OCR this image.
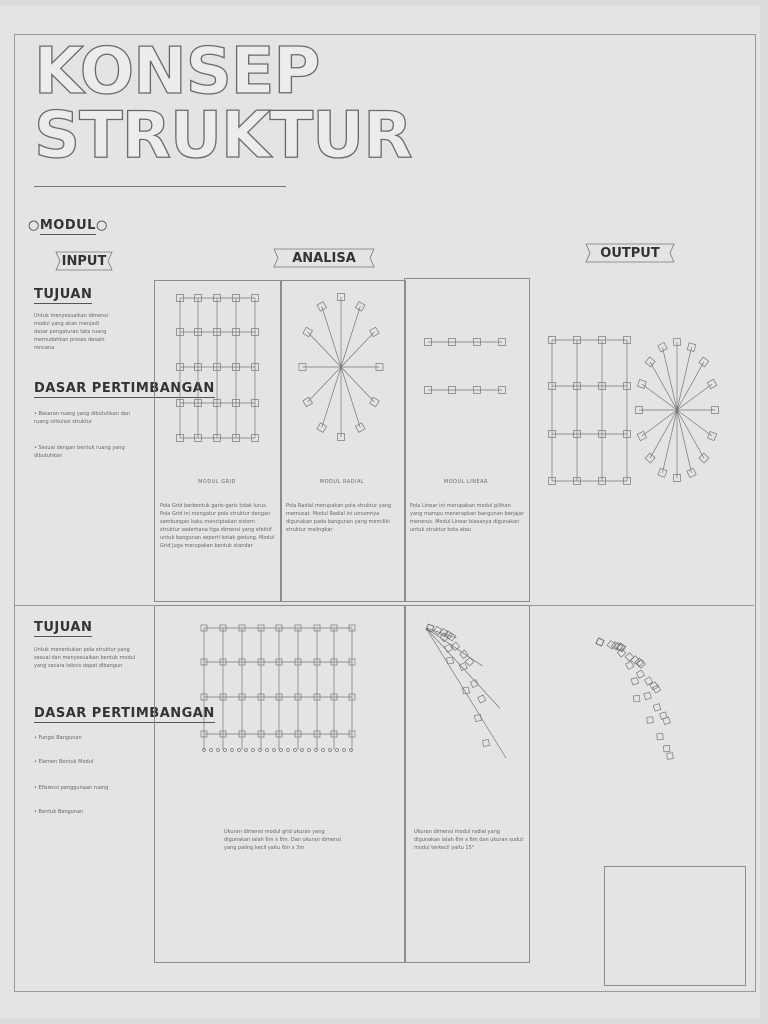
KONSEP
STRUKTUR
○MODUL○
INPUT	ANALISA	OUTPUT
TUJUAN
Untuk menyesuaikan dimensi modul yang akan menjadi dasar pengaturan tata ruang memudahkan proses desain rencana
DASAR PERTIMBANGAN
• Besaran ruang yang dibutuhkan dan ruang sirkulasi struktur
• Sesuai dengan bentuk ruang yang dibutuhkan
MODUL GRID	MODUL RADIAL	MODUL LINEAR
Pola Grid berbentuk garis-garis tidak lurus. Pola Grid ini mengatur pola struktur dengan sambungan kaku menciptakan sistem struktur sederhana tiga dimensi yang efektif untuk bangunan seperti kotak gedung. Modul Grid juga merupakan bentuk standar
Pola Radial merupakan pola struktur yang memusat. Modul Radial ini umumnya digunakan pada bangunan yang memiliki struktur melingkar
Pola Linear ini merupakan modul pilihan yang mampu menerapkan bangunan berjajar menerus. Modul Linear biasanya digunakan untuk struktur kota atau
TUJUAN
Untuk menentukan pola struktur yang sesuai dan menyesuaikan bentuk modul yang secara teknis dapat dibangun
DASAR PERTIMBANGAN
• Fungsi Bangunan
• Elemen Bentuk Modul
• Efisiensi penggunaan ruang
• Bentuk Bangunan
Ukuran dimensi modul grid ukuran yang digunakan ialah 6m x 6m. Dan ukuran dimensi yang paling kecil yaitu 6m x 3m
Ukuran dimensi modul radial yang digunakan ialah 6m x 6m dan ukuran sudut modul terkecil yaitu 15°
